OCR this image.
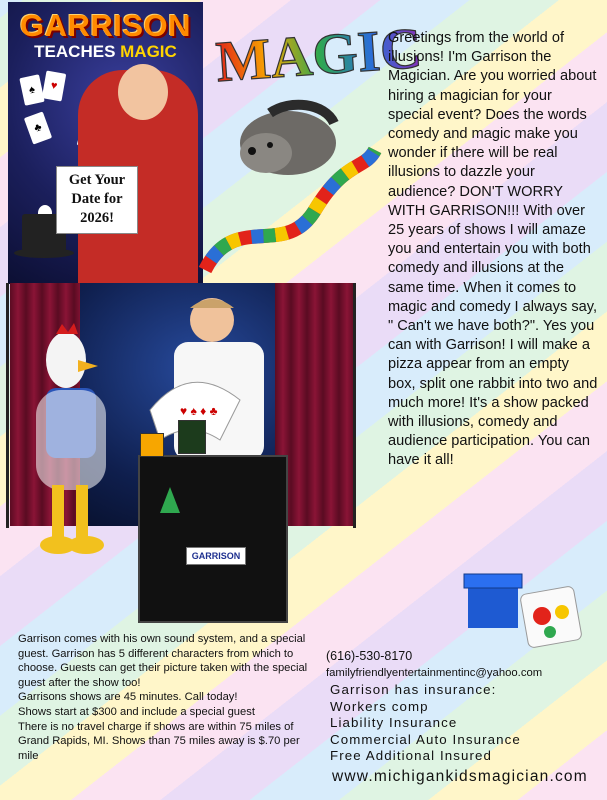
GARRISON
TEACHES MAGIC
♠	♥
♣
Get Your
Date for
2026!
MAGIC
Greetings from the world of illusions! I'm Garrison the Magician. Are you worried about hiring a magician for your special event? Does the words comedy and magic make you wonder if there will be real illusions to dazzle your audience? DON'T WORRY WITH GARRISON!!! With over 25 years of shows I will amaze you and entertain you with both comedy and illusions at the same time. When it comes to magic and comedy I always say, " Can't we have both?". Yes you can with Garrison! I will make a pizza appear from an empty box, split one rabbit into two and much more! It's a show packed with illusions, comedy and audience participation. You can have it all!
♥ ♠ ♦ ♣
GARRISON

Garrison comes with his own sound system, and a special guest. Garrison has 5 different characters from which to choose. Guests can get their picture taken with the special guest after the show too!

Garrisons shows are 45 minutes. Call today!

Shows start at $300 and include a special guest

There is no travel charge if shows are within 75 miles of Grand Rapids, MI. Shows than 75 miles away is $.70 per mile

(616)-530-8170
familyfriendlyentertainmentinc@yahoo.com
Garrison has insurance:
Workers comp
Liability Insurance
Commercial Auto Insurance
Free Additional Insured
www.michigankidsmagician.com
